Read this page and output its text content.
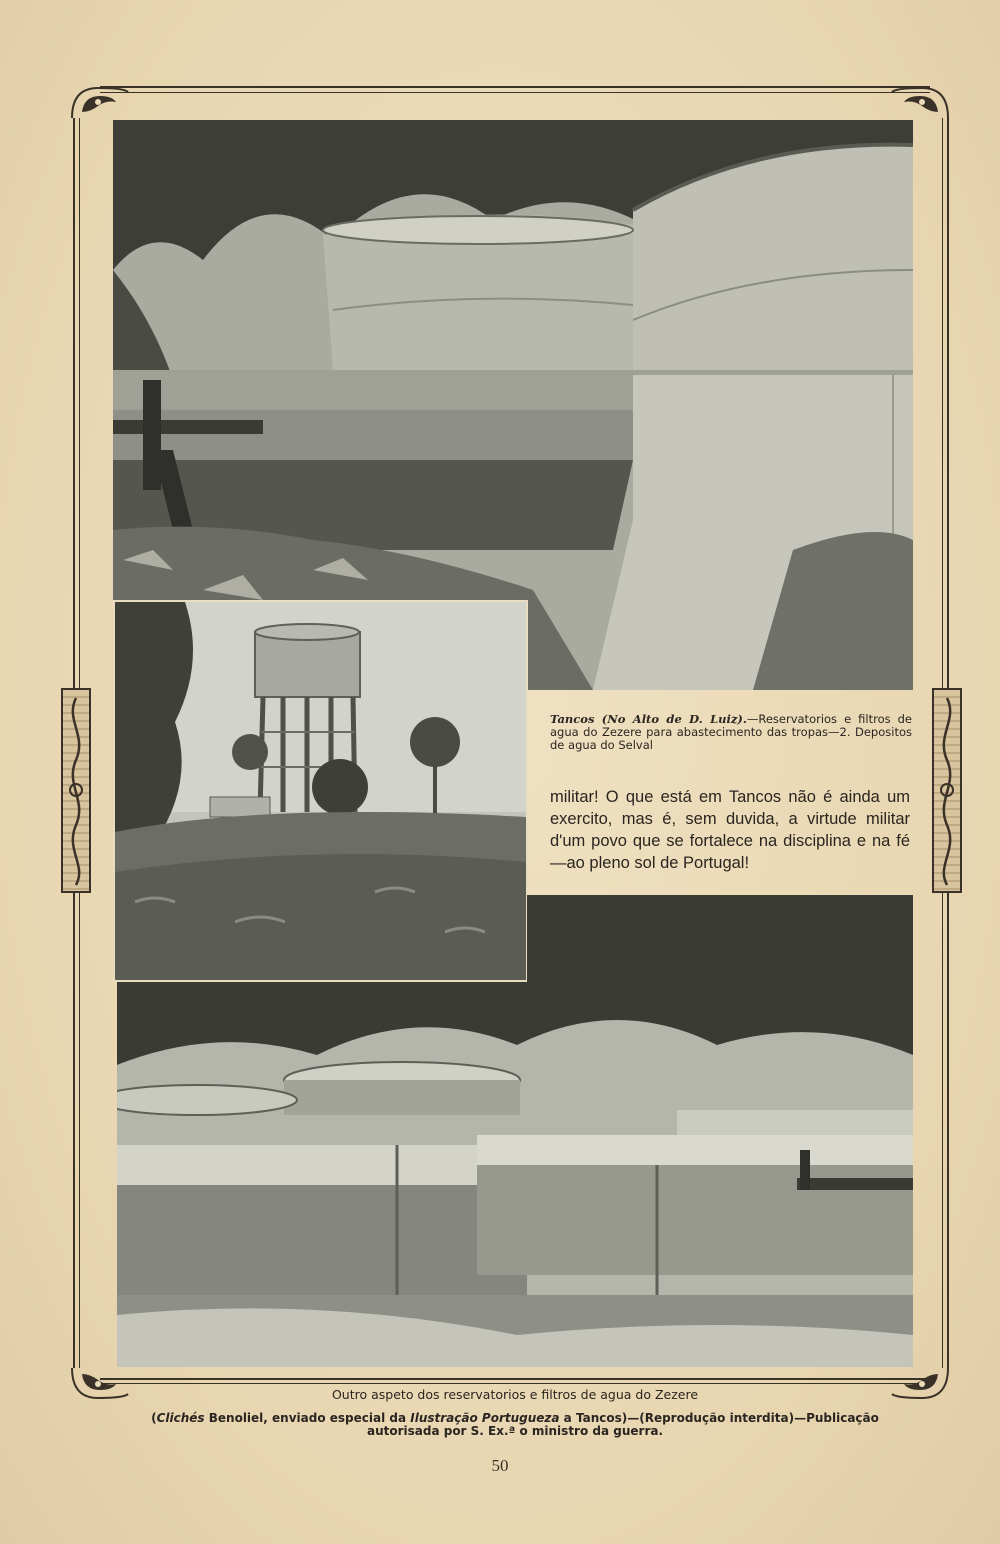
Tancos (No Alto de D. Luiz).—Reservatorios e filtros de agua do Zezere para abastecimento das tropas—2. Depositos de agua do Selval
militar! O que está em Tancos não é ainda um exercito, mas é, sem duvida, a virtude militar d'um povo que se fortalece na disciplina e na fé—ao pleno sol de Portugal!
Outro aspeto dos reservatorios e filtros de agua do Zezere
(Clichés Benoliel, enviado especial da Ilustração Portugueza a Tancos)—(Reprodução interdita)—Publicação autorisada por S. Ex.ª o ministro da guerra.
50
